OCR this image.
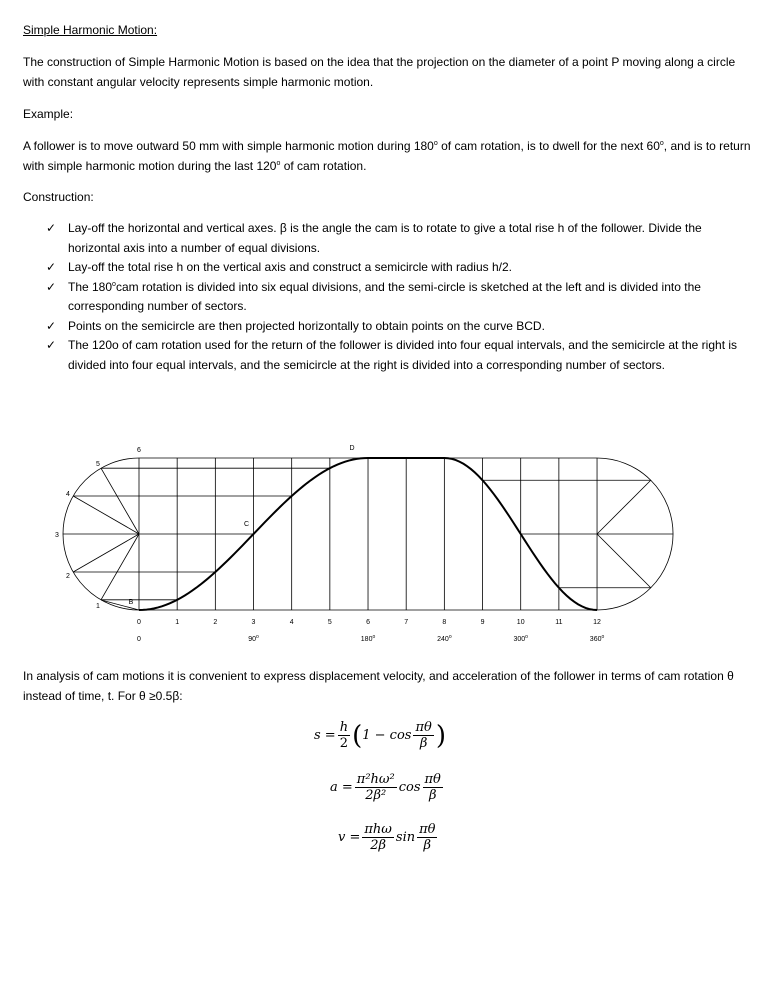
Simple Harmonic Motion:
The construction of Simple Harmonic Motion is based on the idea that the projection on the diameter of a point P moving along a circle with constant angular velocity represents simple harmonic motion.
Example:
A follower is to move outward 50 mm with simple harmonic motion during 180$^o$ of cam rotation, is to dwell for the next 60$^o$, and is to return with simple harmonic motion during the last 120$^o$ of cam rotation.
Construction:
✓ Lay-off the horizontal and vertical axes. β is the angle the cam is to rotate to give a total rise h of the follower. Divide the horizontal axis into a number of equal divisions.
✓ Lay-off the total rise h on the vertical axis and construct a semicircle with radius h/2.
✓ The 180$^o$cam rotation is divided into six equal divisions, and the semi-circle is sketched at the left and is divided into the corresponding number of sectors.
✓ Points on the semicircle are then projected horizontally to obtain points on the curve BCD.
✓ The 120o of cam rotation used for the return of the follower is divided into four equal intervals, and the semicircle at the right is divided into four equal intervals, and the semicircle at the right is divided into a corresponding number of sectors.
0	1	2	3	4	5	6	7	8	9	10	11	12
1
2
3
4
5
6
B
C
D
0	90$^o$	180$^o$	240$^o$	300$^o$	360$^o$
In analysis of cam motions it is convenient to express displacement velocity, and acceleration of the follower in terms of cam rotation θ instead of time, t. For θ ≥0.5β:
$s = \frac{h}{2}$ ( $1 - \cos \frac{\pi\theta}{\beta}$ )
$a = \frac{\text{π²hω²}}{\text{2β²}}$ $\cos \frac{\pi\theta}{\beta}$
v =
πhω
2β
$\sin \frac{\pi\theta}{\beta}$
